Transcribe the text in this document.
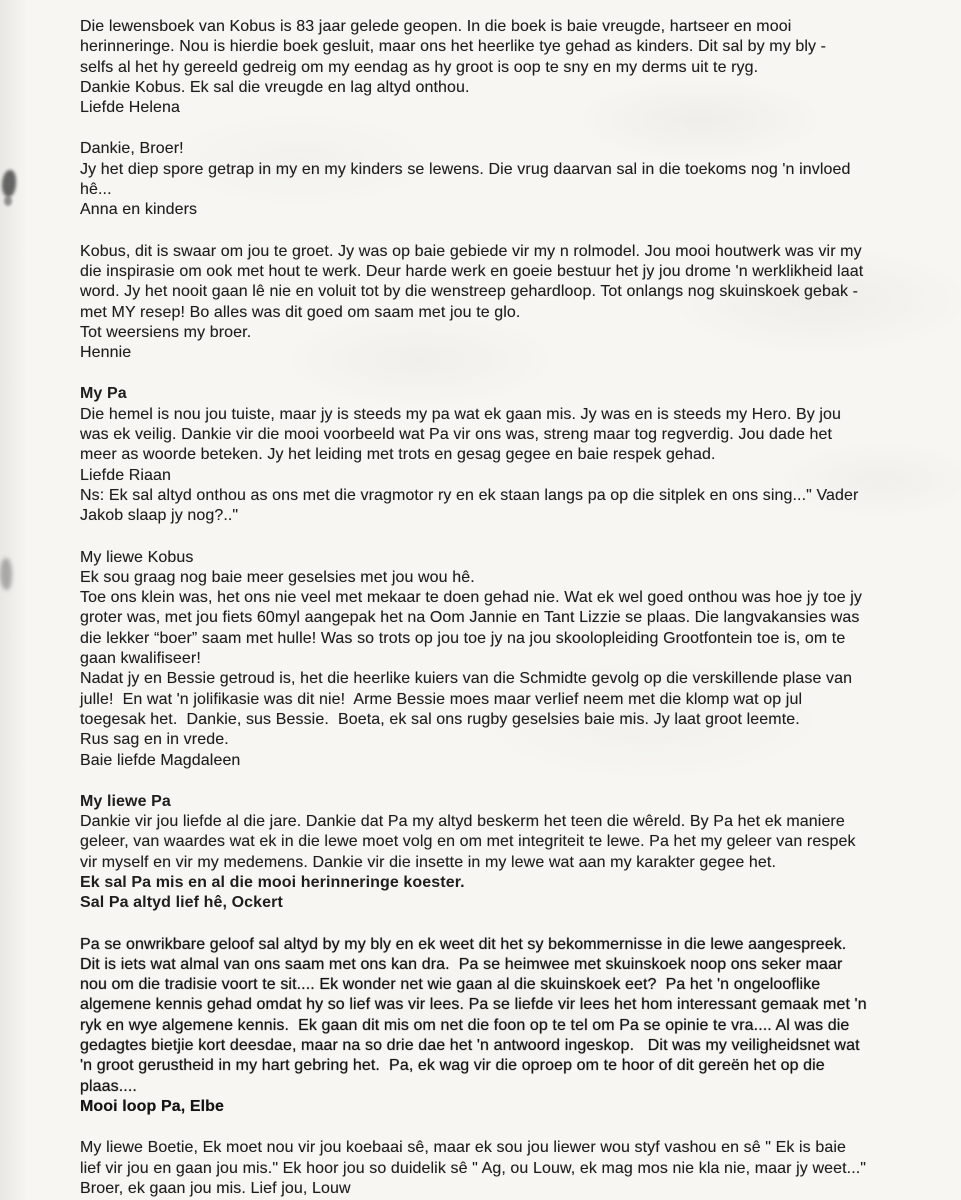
Die lewensboek van Kobus is 83 jaar gelede geopen. In die boek is baie vreugde, hartseer en mooi
herinneringe. Nou is hierdie boek gesluit, maar ons het heerlike tye gehad as kinders. Dit sal by my bly -
selfs al het hy gereeld gedreig om my eendag as hy groot is oop te sny en my derms uit te ryg.
Dankie Kobus. Ek sal die vreugde en lag altyd onthou.
Liefde Helena
Dankie, Broer!
Jy het diep spore getrap in my en my kinders se lewens. Die vrug daarvan sal in die toekoms nog 'n invloed
hê...
Anna en kinders
Kobus, dit is swaar om jou te groet. Jy was op baie gebiede vir my n rolmodel. Jou mooi houtwerk was vir my
die inspirasie om ook met hout te werk. Deur harde werk en goeie bestuur het jy jou drome 'n werklikheid laat
word. Jy het nooit gaan lê nie en voluit tot by die wenstreep gehardloop. Tot onlangs nog skuinskoek gebak -
met MY resep! Bo alles was dit goed om saam met jou te glo.
Tot weersiens my broer.
Hennie
My Pa
Die hemel is nou jou tuiste, maar jy is steeds my pa wat ek gaan mis. Jy was en is steeds my Hero. By jou
was ek veilig. Dankie vir die mooi voorbeeld wat Pa vir ons was, streng maar tog regverdig. Jou dade het
meer as woorde beteken. Jy het leiding met trots en gesag gegee en baie respek gehad.
Liefde Riaan
Ns: Ek sal altyd onthou as ons met die vragmotor ry en ek staan langs pa op die sitplek en ons sing..." Vader
Jakob slaap jy nog?.."
My liewe Kobus
Ek sou graag nog baie meer geselsies met jou wou hê.
Toe ons klein was, het ons nie veel met mekaar te doen gehad nie. Wat ek wel goed onthou was hoe jy toe jy
groter was, met jou fiets 60myl aangepak het na Oom Jannie en Tant Lizzie se plaas. Die langvakansies was
die lekker “boer” saam met hulle! Was so trots op jou toe jy na jou skoolopleiding Grootfontein toe is, om te
gaan kwalifiseer!
Nadat jy en Bessie getroud is, het die heerlike kuiers van die Schmidte gevolg op die verskillende plase van
julle!  En wat 'n jolifikasie was dit nie!  Arme Bessie moes maar verlief neem met die klomp wat op jul
toegesak het.  Dankie, sus Bessie.  Boeta, ek sal ons rugby geselsies baie mis. Jy laat groot leemte.
Rus sag en in vrede.
Baie liefde Magdaleen
My liewe Pa
Dankie vir jou liefde al die jare. Dankie dat Pa my altyd beskerm het teen die wêreld. By Pa het ek maniere
geleer, van waardes wat ek in die lewe moet volg en om met integriteit te lewe. Pa het my geleer van respek
vir myself en vir my medemens. Dankie vir die insette in my lewe wat aan my karakter gegee het.
Ek sal Pa mis en al die mooi herinneringe koester.
Sal Pa altyd lief hê, Ockert
Pa se onwrikbare geloof sal altyd by my bly en ek weet dit het sy bekommernisse in die lewe aangespreek.
Dit is iets wat almal van ons saam met ons kan dra.  Pa se heimwee met skuinskoek noop ons seker maar
nou om die tradisie voort te sit.... Ek wonder net wie gaan al die skuinskoek eet?  Pa het 'n ongelooflike
algemene kennis gehad omdat hy so lief was vir lees. Pa se liefde vir lees het hom interessant gemaak met 'n
ryk en wye algemene kennis.  Ek gaan dit mis om net die foon op te tel om Pa se opinie te vra.... Al was die
gedagtes bietjie kort deesdae, maar na so drie dae het 'n antwoord ingeskop.   Dit was my veiligheidsnet wat
'n groot gerustheid in my hart gebring het.  Pa, ek wag vir die oproep om te hoor of dit gereën het op die
plaas....
Mooi loop Pa, Elbe
My liewe Boetie, Ek moet nou vir jou koebaai sê, maar ek sou jou liewer wou styf vashou en sê " Ek is baie
lief vir jou en gaan jou mis." Ek hoor jou so duidelik sê " Ag, ou Louw, ek mag mos nie kla nie, maar jy weet..."
Broer, ek gaan jou mis. Lief jou, Louw
